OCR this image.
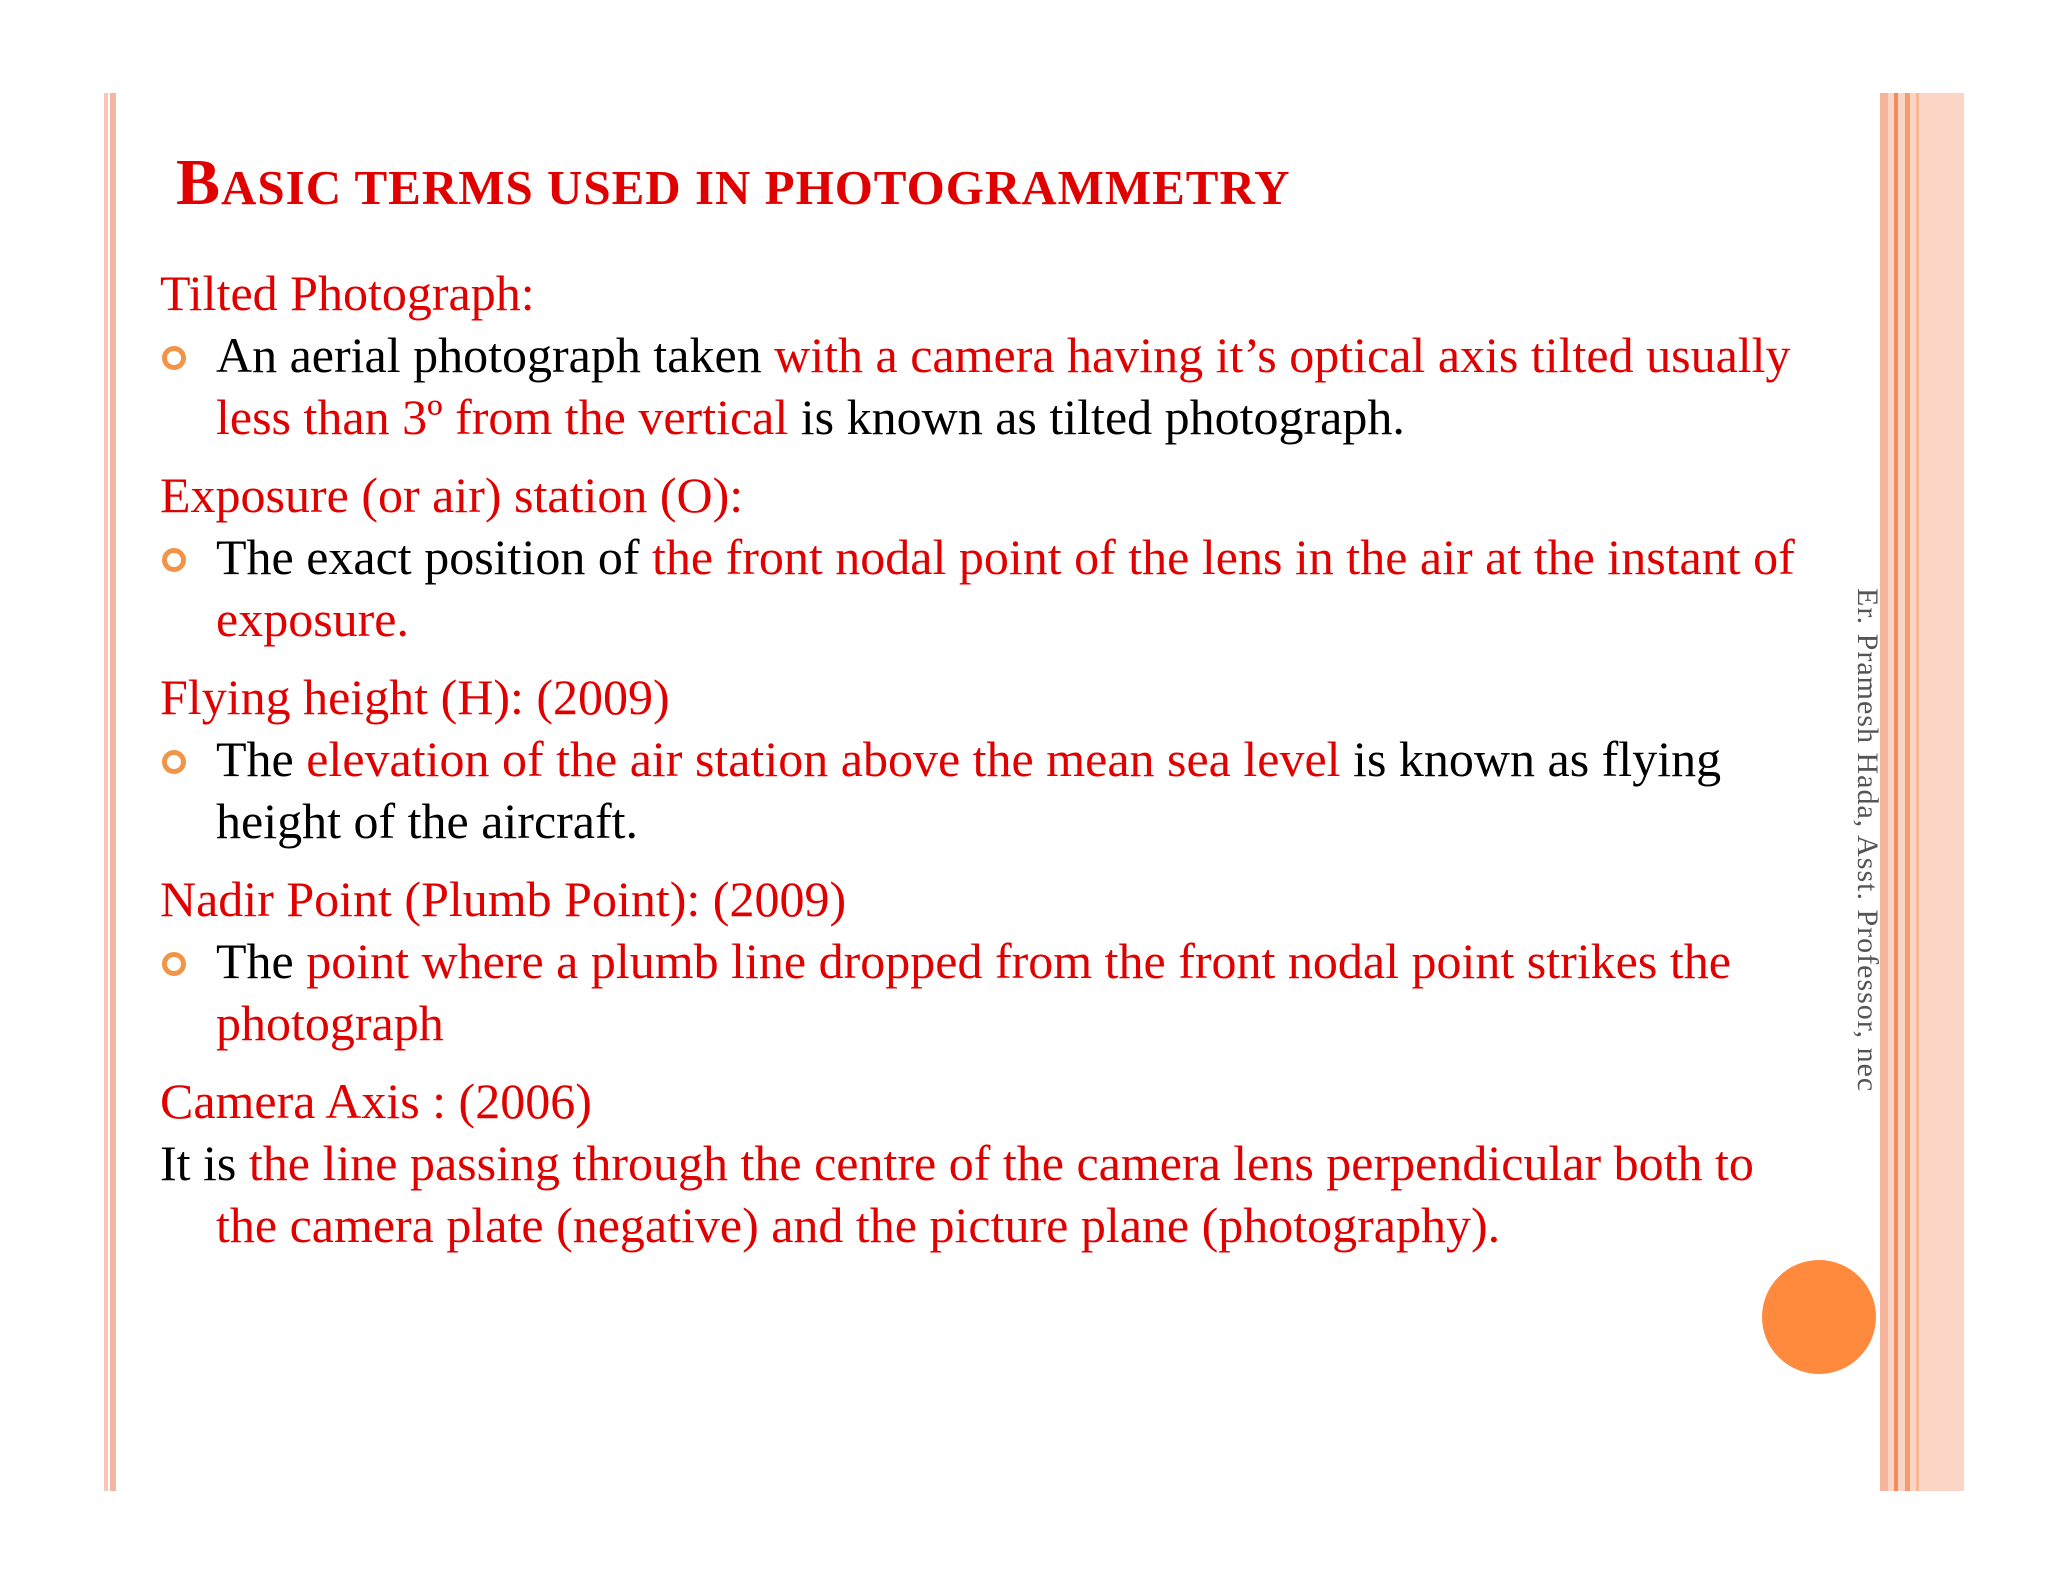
BASIC TERMS USED IN PHOTOGRAMMETRY
Tilted Photograph:
An aerial photograph taken with a camera having it’s optical axis tilted usually less than 3º from the vertical is known as tilted photograph.
Exposure (or air) station (O):
The exact position of the front nodal point of the lens in the air at the instant of exposure.
Flying height (H): (2009)
The elevation of the air station above the mean sea level is known as flying height of the aircraft.
Nadir Point (Plumb Point): (2009)
The point where a plumb line dropped from the front nodal point strikes the photograph
Camera Axis : (2006)
It is the line passing through the centre of the camera lens perpendicular both to the camera plate (negative) and the picture plane (photography).
Er. Pramesh Hada, Asst. Professor, nec
